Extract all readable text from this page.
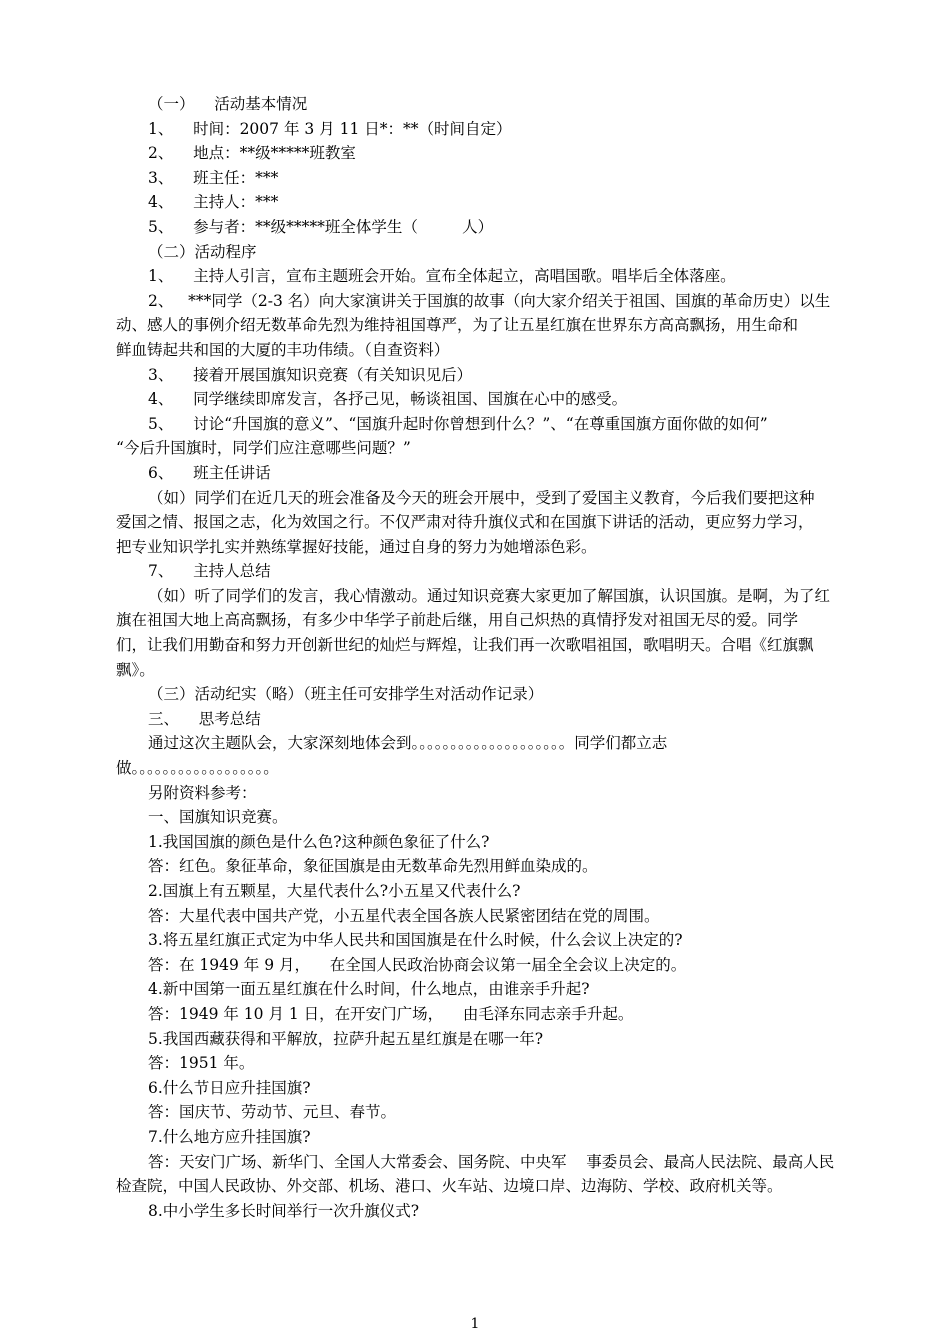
（一）    活动基本情况

1、    时间：2007 年 3 月 11 日*：**（时间自定）

2、    地点：**级*****班教室

3、    班主任：***

4、    主持人：***

5、    参与者：**级*****班全体学生（         人）

（二）活动程序

1、    主持人引言，宣布主题班会开始。宣布全体起立，高唱国歌。唱毕后全体落座。

2、   ***同学（2-3 名）向大家演讲关于国旗的故事（向大家介绍关于祖国、国旗的革命历史）以生

动、感人的事例介绍无数革命先烈为维持祖国尊严，为了让五星红旗在世界东方高高飘扬，用生命和

鲜血铸起共和国的大厦的丰功伟绩。（自查资料）

3、    接着开展国旗知识竞赛（有关知识见后）

4、    同学继续即席发言，各抒己见，畅谈祖国、国旗在心中的感受。

5、    讨论“升国旗的意义”、“国旗升起时你曾想到什么？”、“在尊重国旗方面你做的如何”

“今后升国旗时，同学们应注意哪些问题？”

6、    班主任讲话

（如）同学们在近几天的班会准备及今天的班会开展中，受到了爱国主义教育，今后我们要把这种

爱国之情、报国之志，化为效国之行。不仅严肃对待升旗仪式和在国旗下讲话的活动，更应努力学习，

把专业知识学扎实并熟练掌握好技能，通过自身的努力为她增添色彩。

7、    主持人总结

（如）听了同学们的发言，我心情激动。通过知识竞赛大家更加了解国旗，认识国旗。是啊，为了红

旗在祖国大地上高高飘扬，有多少中华学子前赴后继，用自己炽热的真情抒发对祖国无尽的爱。同学

们，让我们用勤奋和努力开创新世纪的灿烂与辉煌，让我们再一次歌唱祖国，歌唱明天。合唱《红旗飘

飘》。

（三）活动纪实（略）（班主任可安排学生对活动作记录）

三、    思考总结

通过这次主题队会，大家深刻地体会到。。。。。。。。。。。。。。。。。。。。同学们都立志

做。。。。。。。。。。。。。。。。。。

另附资料参考：

一、国旗知识竞赛。

1.我国国旗的颜色是什么色?这种颜色象征了什么?

答：红色。象征革命，象征国旗是由无数革命先烈用鲜血染成的。

2.国旗上有五颗星，大星代表什么?小五星又代表什么?

答：大星代表中国共产党，小五星代表全国各族人民紧密团结在党的周围。

3.将五星红旗正式定为中华人民共和国国旗是在什么时候，什么会议上决定的?

答：在 1949 年 9 月，    在全国人民政治协商会议第一届全全会议上决定的。

4.新中国第一面五星红旗在什么时间，什么地点，由谁亲手升起?

答：1949 年 10 月 1 日，在开安门广场，    由毛泽东同志亲手升起。

5.我国西藏获得和平解放，拉萨升起五星红旗是在哪一年?

答：1951 年。

6.什么节日应升挂国旗?

答：国庆节、劳动节、元旦、春节。

7.什么地方应升挂国旗?

答：天安门广场、新华门、全国人大常委会、国务院、中央军    事委员会、最高人民法院、最高人民

检查院，中国人民政协、外交部、机场、港口、火车站、边境口岸、边海防、学校、政府机关等。

8.中小学生多长时间举行一次升旗仪式?

1
